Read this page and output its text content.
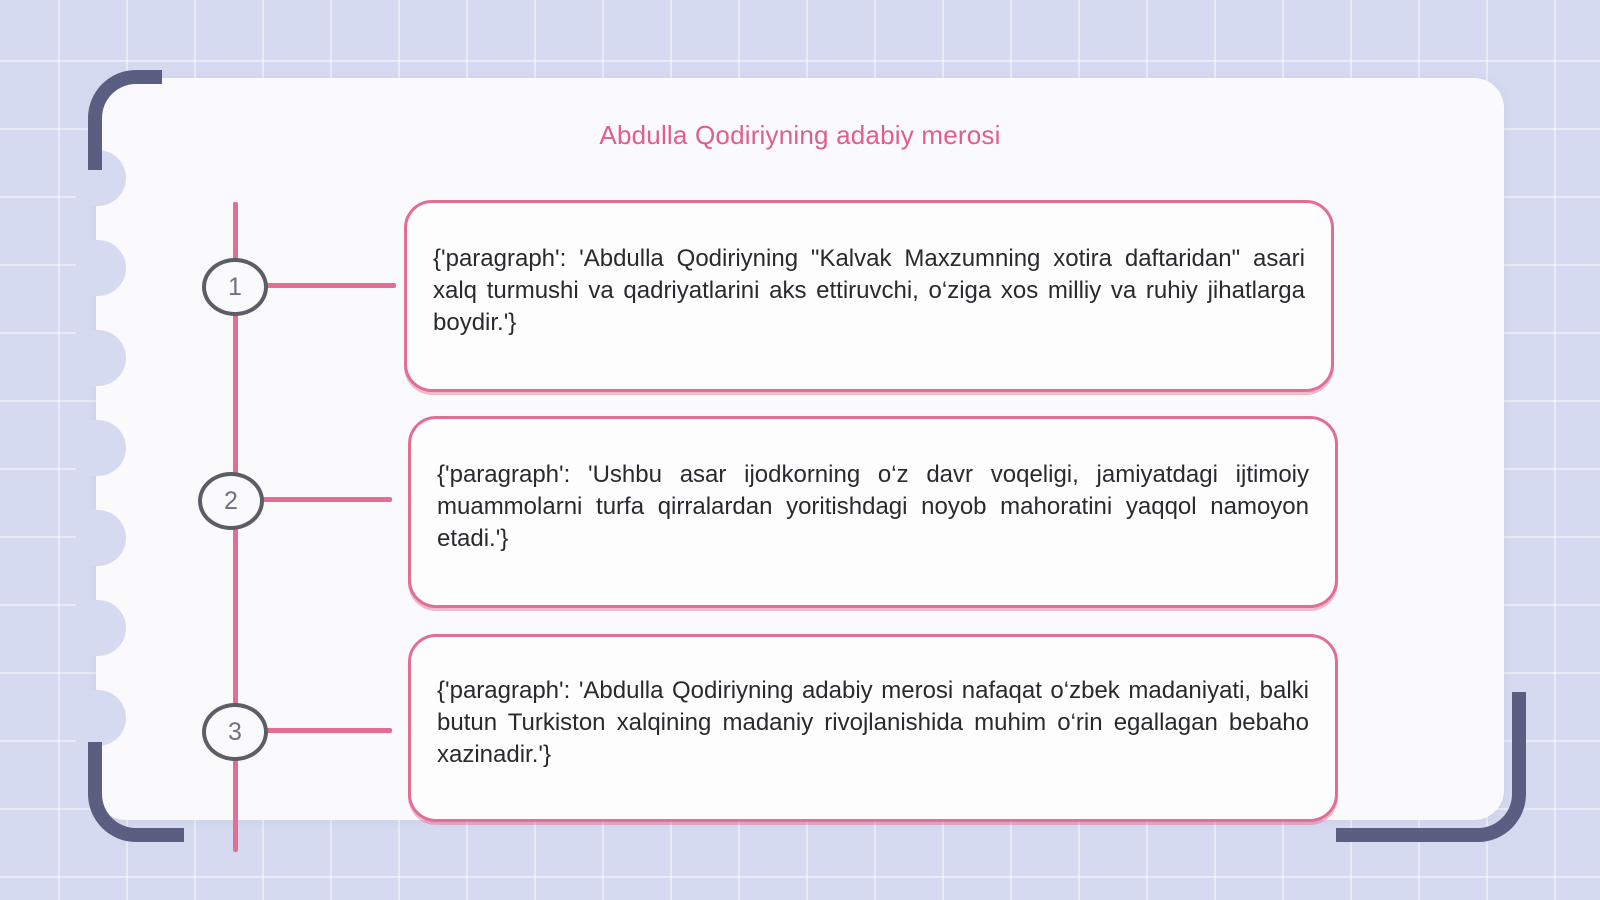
Abdulla Qodiriyning adabiy merosi
1
2
3

{'paragraph': 'Abdulla Qodiriyning "Kalvak Maxzumning xotira daftaridan" asari xalq turmushi va qadriyatlarini aks ettiruvchi, o‘ziga xos milliy va ruhiy jihatlarga boydir.'}

{'paragraph': 'Ushbu asar ijodkorning o‘z davr voqeligi, jamiyatdagi ijtimoiy muammolarni turfa qirralardan yoritishdagi noyob mahoratini yaqqol namoyon etadi.'}

{'paragraph': 'Abdulla Qodiriyning adabiy merosi nafaqat o‘zbek madaniyati, balki butun Turkiston xalqining madaniy rivojlanishida muhim o‘rin egallagan bebaho xazinadir.'}
